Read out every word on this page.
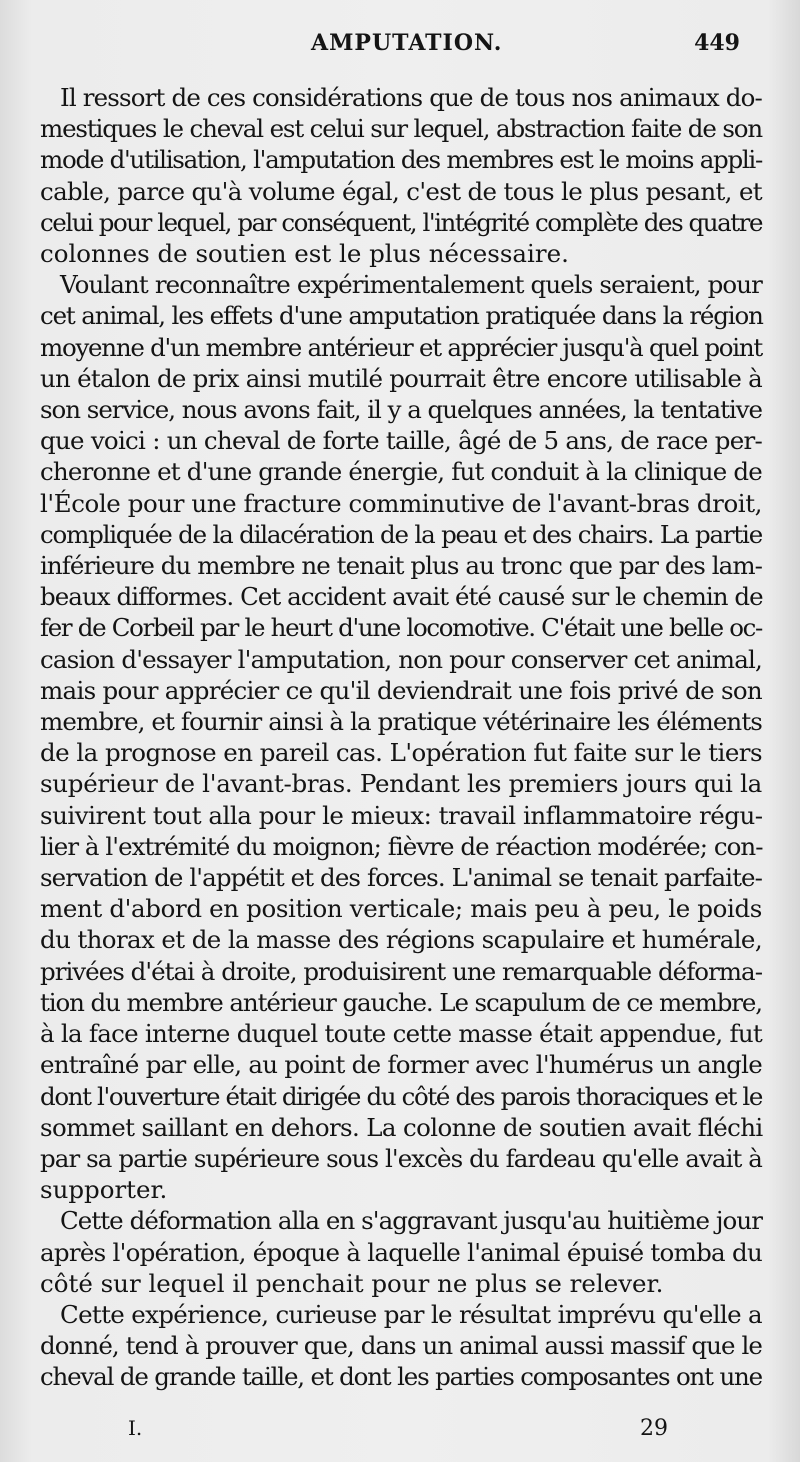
AMPUTATION.	449
Il ressort de ces considérations que de tous nos animaux do-
mestiques le cheval est celui sur lequel, abstraction faite de son
mode d'utilisation, l'amputation des membres est le moins appli-
cable, parce qu'à volume égal, c'est de tous le plus pesant, et
celui pour lequel, par conséquent, l'intégrité complète des quatre
colonnes de soutien est le plus nécessaire.
Voulant reconnaître expérimentalement quels seraient, pour
cet animal, les effets d'une amputation pratiquée dans la région
moyenne d'un membre antérieur et apprécier jusqu'à quel point
un étalon de prix ainsi mutilé pourrait être encore utilisable à
son service, nous avons fait, il y a quelques années, la tentative
que voici : un cheval de forte taille, âgé de 5 ans, de race per-
cheronne et d'une grande énergie, fut conduit à la clinique de
l'École pour une fracture comminutive de l'avant-bras droit,
compliquée de la dilacération de la peau et des chairs. La partie
inférieure du membre ne tenait plus au tronc que par des lam-
beaux difformes. Cet accident avait été causé sur le chemin de
fer de Corbeil par le heurt d'une locomotive. C'était une belle oc-
casion d'essayer l'amputation, non pour conserver cet animal,
mais pour apprécier ce qu'il deviendrait une fois privé de son
membre, et fournir ainsi à la pratique vétérinaire les éléments
de la prognose en pareil cas. L'opération fut faite sur le tiers
supérieur de l'avant-bras. Pendant les premiers jours qui la
suivirent tout alla pour le mieux: travail inflammatoire régu-
lier à l'extrémité du moignon; fièvre de réaction modérée; con-
servation de l'appétit et des forces. L'animal se tenait parfaite-
ment d'abord en position verticale; mais peu à peu, le poids
du thorax et de la masse des régions scapulaire et humérale,
privées d'étai à droite, produisirent une remarquable déforma-
tion du membre antérieur gauche. Le scapulum de ce membre,
à la face interne duquel toute cette masse était appendue, fut
entraîné par elle, au point de former avec l'humérus un angle
dont l'ouverture était dirigée du côté des parois thoraciques et le
sommet saillant en dehors. La colonne de soutien avait fléchi
par sa partie supérieure sous l'excès du fardeau qu'elle avait à
supporter.
Cette déformation alla en s'aggravant jusqu'au huitième jour
après l'opération, époque à laquelle l'animal épuisé tomba du
côté sur lequel il penchait pour ne plus se relever.
Cette expérience, curieuse par le résultat imprévu qu'elle a
donné, tend à prouver que, dans un animal aussi massif que le
cheval de grande taille, et dont les parties composantes ont une
I.	29
